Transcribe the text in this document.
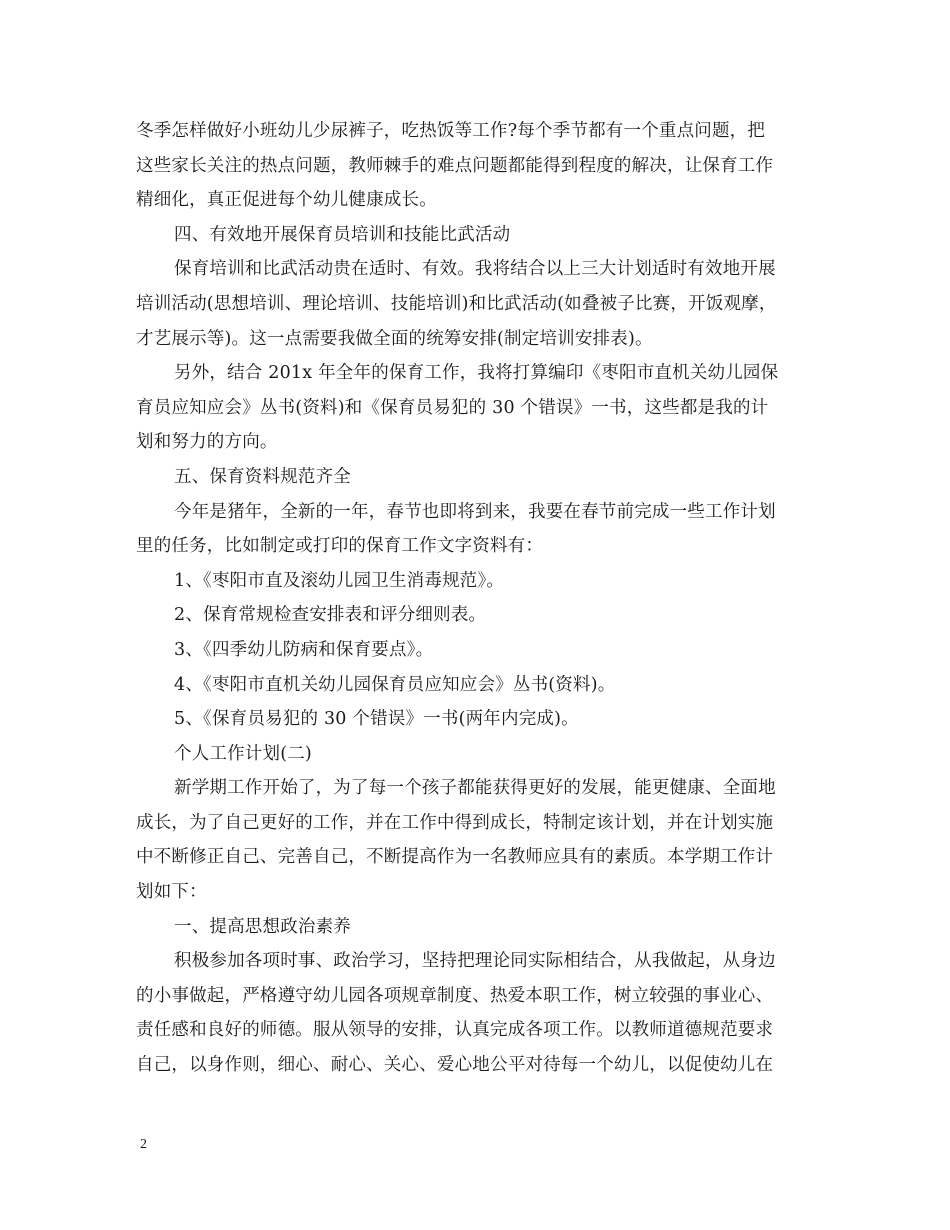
冬季怎样做好小班幼儿少尿裤子，吃热饭等工作?每个季节都有一个重点问题，把
这些家长关注的热点问题，教师棘手的难点问题都能得到程度的解决，让保育工作
精细化，真正促进每个幼儿健康成长。
四、有效地开展保育员培训和技能比武活动
保育培训和比武活动贵在适时、有效。我将结合以上三大计划适时有效地开展
培训活动(思想培训、理论培训、技能培训)和比武活动(如叠被子比赛，开饭观摩，
才艺展示等)。这一点需要我做全面的统筹安排(制定培训安排表)。
另外，结合 201x 年全年的保育工作，我将打算编印《枣阳市直机关幼儿园保
育员应知应会》丛书(资料)和《保育员易犯的 30 个错误》一书，这些都是我的计
划和努力的方向。
五、保育资料规范齐全
今年是猪年，全新的一年，春节也即将到来，我要在春节前完成一些工作计划
里的任务，比如制定或打印的保育工作文字资料有：
1、《枣阳市直及滚幼儿园卫生消毒规范》。
2、保育常规检查安排表和评分细则表。
3、《四季幼儿防病和保育要点》。
4、《枣阳市直机关幼儿园保育员应知应会》丛书(资料)。
5、《保育员易犯的 30 个错误》一书(两年内完成)。
个人工作计划(二)
新学期工作开始了，为了每一个孩子都能获得更好的发展，能更健康、全面地
成长，为了自己更好的工作，并在工作中得到成长，特制定该计划，并在计划实施
中不断修正自己、完善自己，不断提高作为一名教师应具有的素质。本学期工作计
划如下：
一、提高思想政治素养
积极参加各项时事、政治学习，坚持把理论同实际相结合，从我做起，从身边
的小事做起，严格遵守幼儿园各项规章制度、热爱本职工作，树立较强的事业心、
责任感和良好的师德。服从领导的安排，认真完成各项工作。以教师道德规范要求
自己，以身作则，细心、耐心、关心、爱心地公平对待每一个幼儿，以促使幼儿在
2
